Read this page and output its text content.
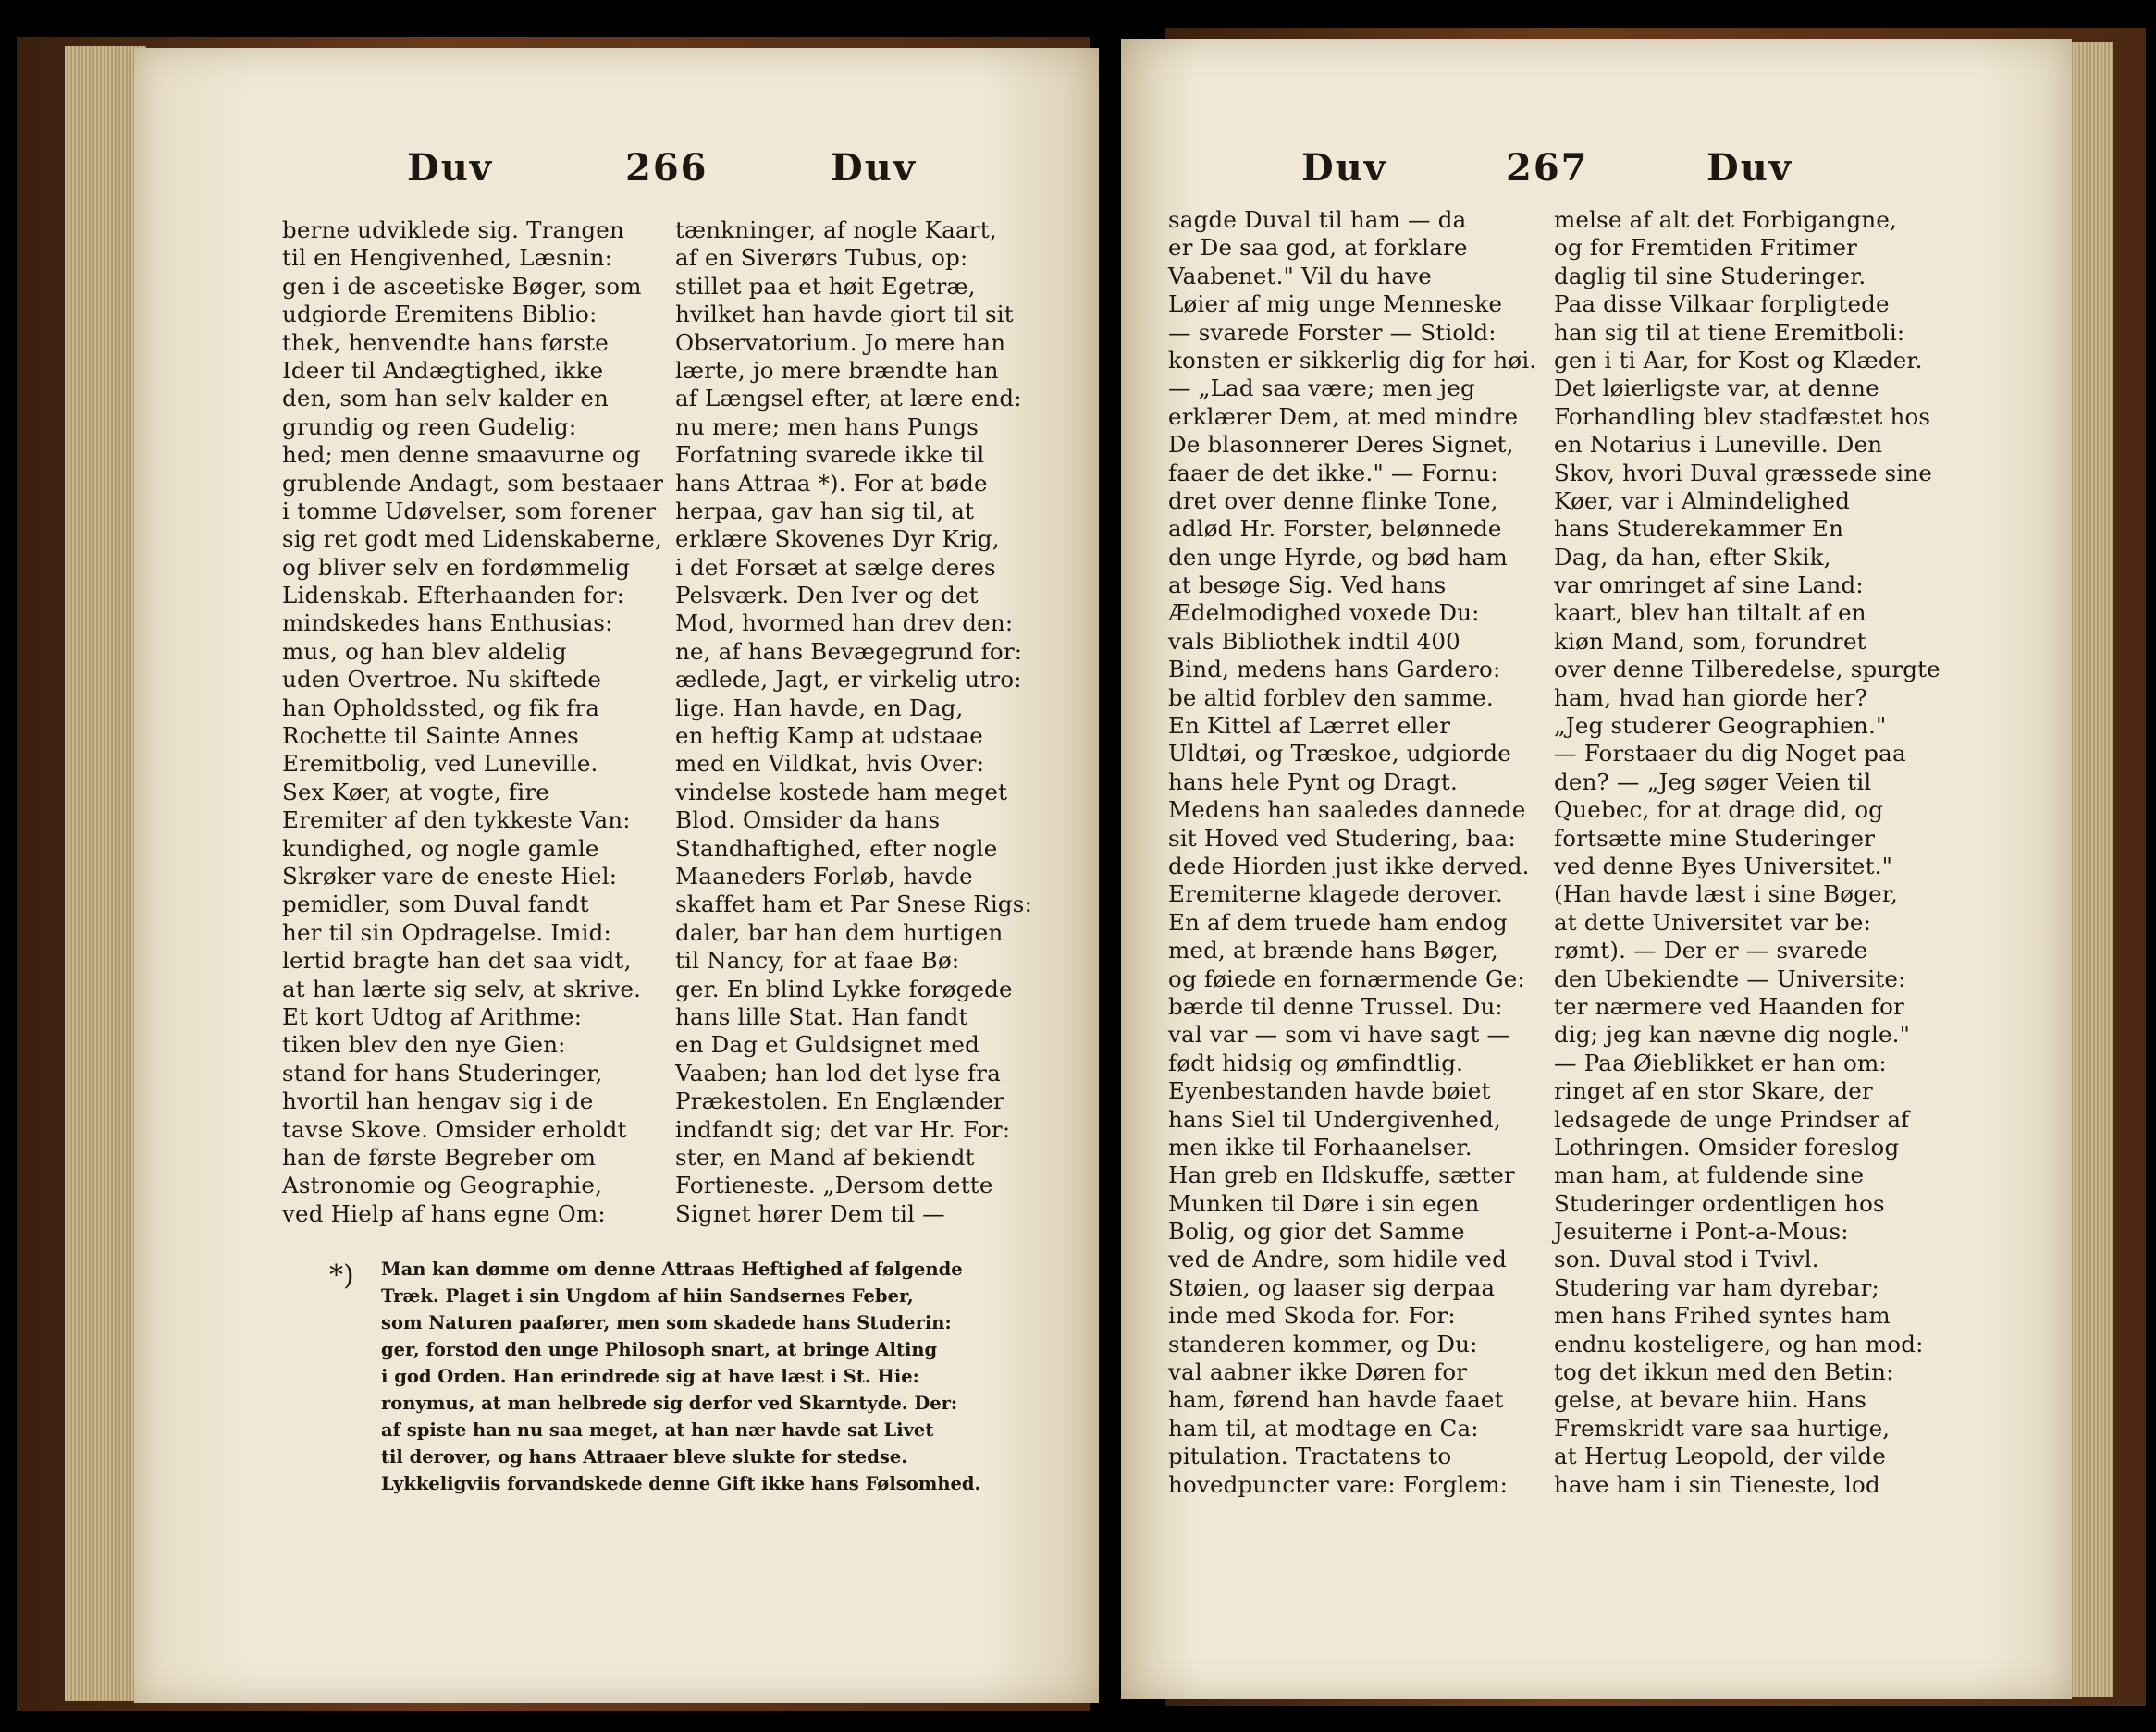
Duv	266	Duv
berne udviklede sig. Trangen
til en Hengivenhed, Læsnin:
gen i de asceetiske Bøger, som
udgiorde Eremitens Biblio:
thek, henvendte hans første
Ideer til Andægtighed, ikke
den, som han selv kalder en
grundig og reen Gudelig:
hed; men denne smaavurne og
grublende Andagt, som bestaaer
i tomme Udøvelser, som forener
sig ret godt med Lidenskaberne,
og bliver selv en fordømmelig
Lidenskab. Efterhaanden for:
mindskedes hans Enthusias:
mus, og han blev aldelig
uden Overtroe. Nu skiftede
han Opholdssted, og fik fra
Rochette til Sainte Annes
Eremitbolig, ved Luneville.
Sex Køer, at vogte, fire
Eremiter af den tykkeste Van:
kundighed, og nogle gamle
Skrøker vare de eneste Hiel:
pemidler, som Duval fandt
her til sin Opdragelse. Imid:
lertid bragte han det saa vidt,
at han lærte sig selv, at skrive.
Et kort Udtog af Arithme:
tiken blev den nye Gien:
stand for hans Studeringer,
hvortil han hengav sig i de
tavse Skove. Omsider erholdt
han de første Begreber om
Astronomie og Geographie,
ved Hielp af hans egne Om:
tænkninger, af nogle Kaart,
af en Siverørs Tubus, op:
stillet paa et høit Egetræ,
hvilket han havde giort til sit
Observatorium. Jo mere han
lærte, jo mere brændte han
af Længsel efter, at lære end:
nu mere; men hans Pungs
Forfatning svarede ikke til
hans Attraa *). For at bøde
herpaa, gav han sig til, at
erklære Skovenes Dyr Krig,
i det Forsæt at sælge deres
Pelsværk. Den Iver og det
Mod, hvormed han drev den:
ne, af hans Bevægegrund for:
ædlede, Jagt, er virkelig utro:
lige. Han havde, en Dag,
en heftig Kamp at udstaae
med en Vildkat, hvis Over:
vindelse kostede ham meget
Blod. Omsider da hans
Standhaftighed, efter nogle
Maaneders Forløb, havde
skaffet ham et Par Snese Rigs:
daler, bar han dem hurtigen
til Nancy, for at faae Bø:
ger. En blind Lykke forøgede
hans lille Stat. Han fandt
en Dag et Guldsignet med
Vaaben; han lod det lyse fra
Prækestolen. En Englænder
indfandt sig; det var Hr. For:
ster, en Mand af bekiendt
Fortieneste. „Dersom dette
Signet hører Dem til —
*) Man kan dømme om denne Attraas Heftighed af følgende
Træk. Plaget i sin Ungdom af hiin Sandsernes Feber,
som Naturen paafører, men som skadede hans Studerin:
ger, forstod den unge Philosoph snart, at bringe Alting
i god Orden. Han erindrede sig at have læst i St. Hie:
ronymus, at man helbrede sig derfor ved Skarntyde. Der:
af spiste han nu saa meget, at han nær havde sat Livet
til derover, og hans Attraaer bleve slukte for stedse.
Lykkeligviis forvandskede denne Gift ikke hans Følsomhed.
Duv	267	Duv
sagde Duval til ham — da
er De saa god, at forklare
Vaabenet." Vil du have
Løier af mig unge Menneske
— svarede Forster — Stiold:
konsten er sikkerlig dig for høi.
— „Lad saa være; men jeg
erklærer Dem, at med mindre
De blasonnerer Deres Signet,
faaer de det ikke." — Fornu:
dret over denne flinke Tone,
adlød Hr. Forster, belønnede
den unge Hyrde, og bød ham
at besøge Sig. Ved hans
Ædelmodighed voxede Du:
vals Bibliothek indtil 400
Bind, medens hans Gardero:
be altid forblev den samme.
En Kittel af Lærret eller
Uldtøi, og Træskoe, udgiorde
hans hele Pynt og Dragt.
Medens han saaledes dannede
sit Hoved ved Studering, baa:
dede Hiorden just ikke derved.
Eremiterne klagede derover.
En af dem truede ham endog
med, at brænde hans Bøger,
og føiede en fornærmende Ge:
bærde til denne Trussel. Du:
val var — som vi have sagt —
født hidsig og ømfindtlig.
Eyenbestanden havde bøiet
hans Siel til Undergivenhed,
men ikke til Forhaanelser.
Han greb en Ildskuffe, sætter
Munken til Døre i sin egen
Bolig, og gior det Samme
ved de Andre, som hidile ved
Støien, og laaser sig derpaa
inde med Skoda for. For:
standeren kommer, og Du:
val aabner ikke Døren for
ham, førend han havde faaet
ham til, at modtage en Ca:
pitulation. Tractatens to
hovedpuncter vare: Forglem:
melse af alt det Forbigangne,
og for Fremtiden Fritimer
daglig til sine Studeringer.
Paa disse Vilkaar forpligtede
han sig til at tiene Eremitboli:
gen i ti Aar, for Kost og Klæder.
Det løierligste var, at denne
Forhandling blev stadfæstet hos
en Notarius i Luneville. Den
Skov, hvori Duval græssede sine
Køer, var i Almindelighed
hans Studerekammer En
Dag, da han, efter Skik,
var omringet af sine Land:
kaart, blev han tiltalt af en
kiøn Mand, som, forundret
over denne Tilberedelse, spurgte
ham, hvad han giorde her?
„Jeg studerer Geographien."
— Forstaaer du dig Noget paa
den? — „Jeg søger Veien til
Quebec, for at drage did, og
fortsætte mine Studeringer
ved denne Byes Universitet."
(Han havde læst i sine Bøger,
at dette Universitet var be:
rømt). — Der er — svarede
den Ubekiendte — Universite:
ter nærmere ved Haanden for
dig; jeg kan nævne dig nogle."
— Paa Øieblikket er han om:
ringet af en stor Skare, der
ledsagede de unge Prindser af
Lothringen. Omsider foreslog
man ham, at fuldende sine
Studeringer ordentligen hos
Jesuiterne i Pont-a-Mous:
son. Duval stod i Tvivl.
Studering var ham dyrebar;
men hans Frihed syntes ham
endnu kosteligere, og han mod:
tog det ikkun med den Betin:
gelse, at bevare hiin. Hans
Fremskridt vare saa hurtige,
at Hertug Leopold, der vilde
have ham i sin Tieneste, lod
